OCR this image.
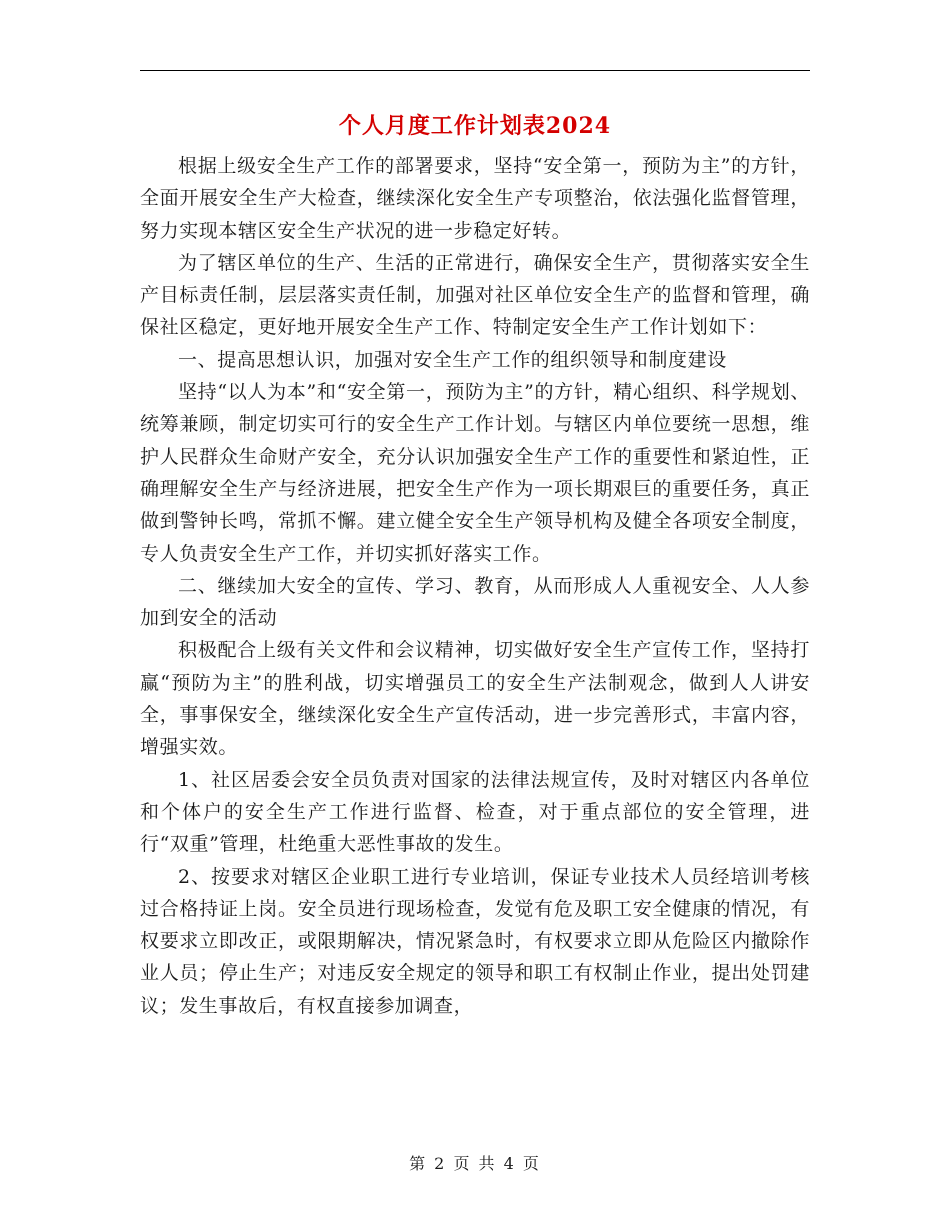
个人月度工作计划表2024

根据上级安全生产工作的部署要求，坚持“安全第一，预防为主”的方针，全面开展安全生产大检查，继续深化安全生产专项整治，依法强化监督管理，努力实现本辖区安全生产状况的进一步稳定好转。

为了辖区单位的生产、生活的正常进行，确保安全生产，贯彻落实安全生产目标责任制，层层落实责任制，加强对社区单位安全生产的监督和管理，确保社区稳定，更好地开展安全生产工作、特制定安全生产工作计划如下：

一、提高思想认识，加强对安全生产工作的组织领导和制度建设

坚持“以人为本”和“安全第一，预防为主”的方针，精心组织、科学规划、统筹兼顾，制定切实可行的安全生产工作计划。与辖区内单位要统一思想，维护人民群众生命财产安全，充分认识加强安全生产工作的重要性和紧迫性，正确理解安全生产与经济进展，把安全生产作为一项长期艰巨的重要任务，真正做到警钟长鸣，常抓不懈。建立健全安全生产领导机构及健全各项安全制度，专人负责安全生产工作，并切实抓好落实工作。

二、继续加大安全的宣传、学习、教育，从而形成人人重视安全、人人参加到安全的活动

积极配合上级有关文件和会议精神，切实做好安全生产宣传工作，坚持打赢“预防为主”的胜利战，切实增强员工的安全生产法制观念，做到人人讲安全，事事保安全，继续深化安全生产宣传活动，进一步完善形式，丰富内容，增强实效。

1、社区居委会安全员负责对国家的法律法规宣传，及时对辖区内各单位和个体户的安全生产工作进行监督、检查，对于重点部位的安全管理，进行“双重”管理，杜绝重大恶性事故的发生。

2、按要求对辖区企业职工进行专业培训，保证专业技术人员经培训考核过合格持证上岗。安全员进行现场检查，发觉有危及职工安全健康的情况，有权要求立即改正，或限期解决，情况紧急时，有权要求立即从危险区内撤除作业人员；停止生产；对违反安全规定的领导和职工有权制止作业，提出处罚建议；发生事故后，有权直接参加调查，

第 2 页 共 4 页
